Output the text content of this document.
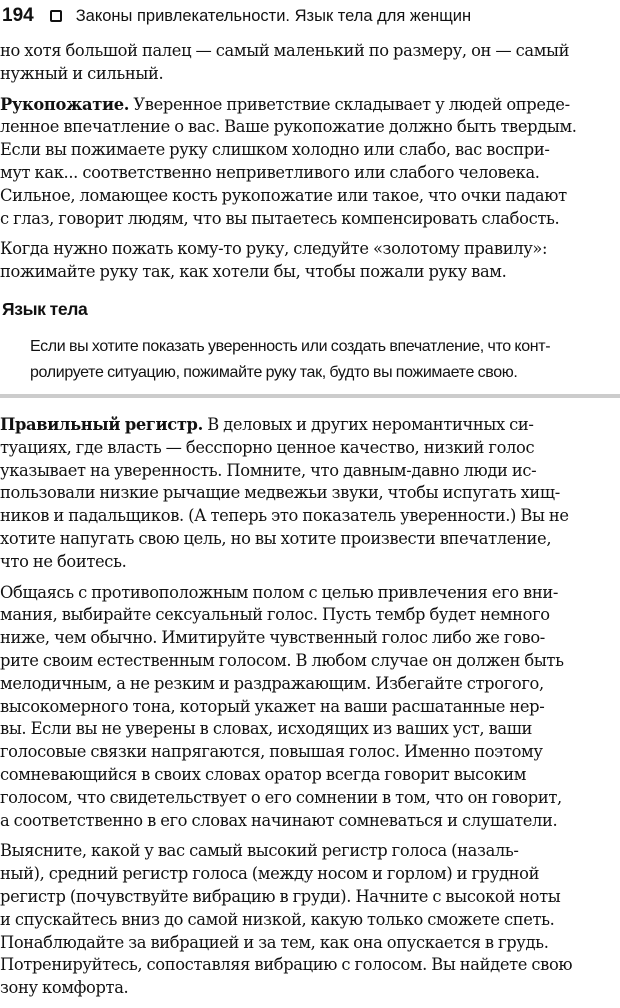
194	Законы привлекательности. Язык тела для женщин
но хотя большой палец — самый маленький по размеру, он — самый
нужный и сильный.
Рукопожатие. Уверенное приветствие складывает у людей опреде-
ленное впечатление о вас. Ваше рукопожатие должно быть твердым.
Если вы пожимаете руку слишком холодно или слабо, вас воспри-
мут как... соответственно неприветливого или слабого человека.
Сильное, ломающее кость рукопожатие или такое, что очки падают
с глаз, говорит людям, что вы пытаетесь компенсировать слабость.
Когда нужно пожать кому-то руку, следуйте «золотому правилу»:
пожимайте руку так, как хотели бы, чтобы пожали руку вам.
Язык тела
Если вы хотите показать уверенность или создать впечатление, что конт-
ролируете ситуацию, пожимайте руку так, будто вы пожимаете свою.
Правильный регистр. В деловых и других неромантичных си-
туациях, где власть — бесспорно ценное качество, низкий голос
указывает на уверенность. Помните, что давным-давно люди ис-
пользовали низкие рычащие медвежьи звуки, чтобы испугать хищ-
ников и падальщиков. (А теперь это показатель уверенности.) Вы не
хотите напугать свою цель, но вы хотите произвести впечатление,
что не боитесь.
Общаясь с противоположным полом с целью привлечения его вни-
мания, выбирайте сексуальный голос. Пусть тембр будет немного
ниже, чем обычно. Имитируйте чувственный голос либо же гово-
рите своим естественным голосом. В любом случае он должен быть
мелодичным, а не резким и раздражающим. Избегайте строгого,
высокомерного тона, который укажет на ваши расшатанные нер-
вы. Если вы не уверены в словах, исходящих из ваших уст, ваши
голосовые связки напрягаются, повышая голос. Именно поэтому
сомневающийся в своих словах оратор всегда говорит высоким
голосом, что свидетельствует о его сомнении в том, что он говорит,
а соответственно в его словах начинают сомневаться и слушатели.
Выясните, какой у вас самый высокий регистр голоса (назаль-
ный), средний регистр голоса (между носом и горлом) и грудной
регистр (почувствуйте вибрацию в груди). Начните с высокой ноты
и спускайтесь вниз до самой низкой, какую только сможете спеть.
Понаблюдайте за вибрацией и за тем, как она опускается в грудь.
Потренируйтесь, сопоставляя вибрацию с голосом. Вы найдете свою
зону комфорта.
